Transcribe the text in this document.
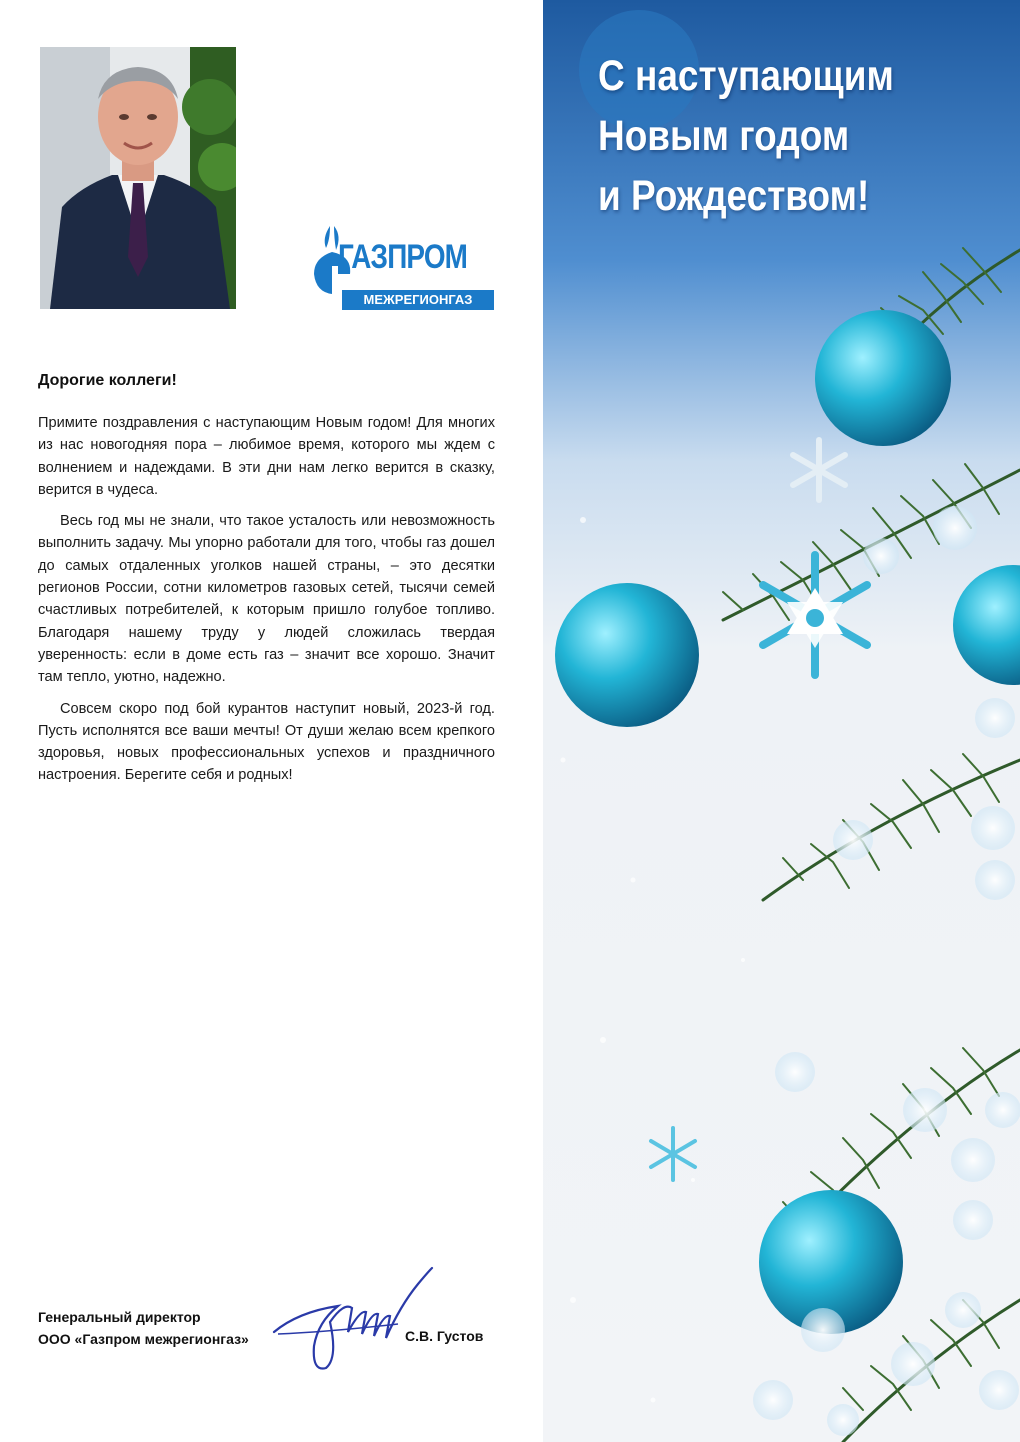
ГАЗПРОМ
МЕЖРЕГИОНГАЗ

Дорогие коллеги!

Примите поздравления с наступающим Новым годом! Для многих из нас новогодняя пора – любимое время, которого мы ждем с волнением и надеждами. В эти дни нам легко верится в сказку, верится в чудеса.

Весь год мы не знали, что такое усталость или невозможность выполнить задачу. Мы упорно работали для того, чтобы газ дошел до самых отдаленных уголков нашей страны, – это десятки регионов России, сотни километров газовых сетей, тысячи семей счастливых потребителей, к которым пришло голубое топливо. Благодаря нашему труду у людей сложилась твердая уверенность: если в доме есть газ – значит все хорошо. Значит там тепло, уютно, надежно.

Совсем скоро под бой курантов наступит новый, 2023-й год. Пусть исполнятся все ваши мечты! От души желаю всем крепкого здоровья, новых профессиональных успехов и праздничного настроения. Берегите себя и родных!

Генеральный директор
ООО «Газпром межрегионгаз»	С.В. Густов
С наступающим
Новым годом
и Рождеством!
